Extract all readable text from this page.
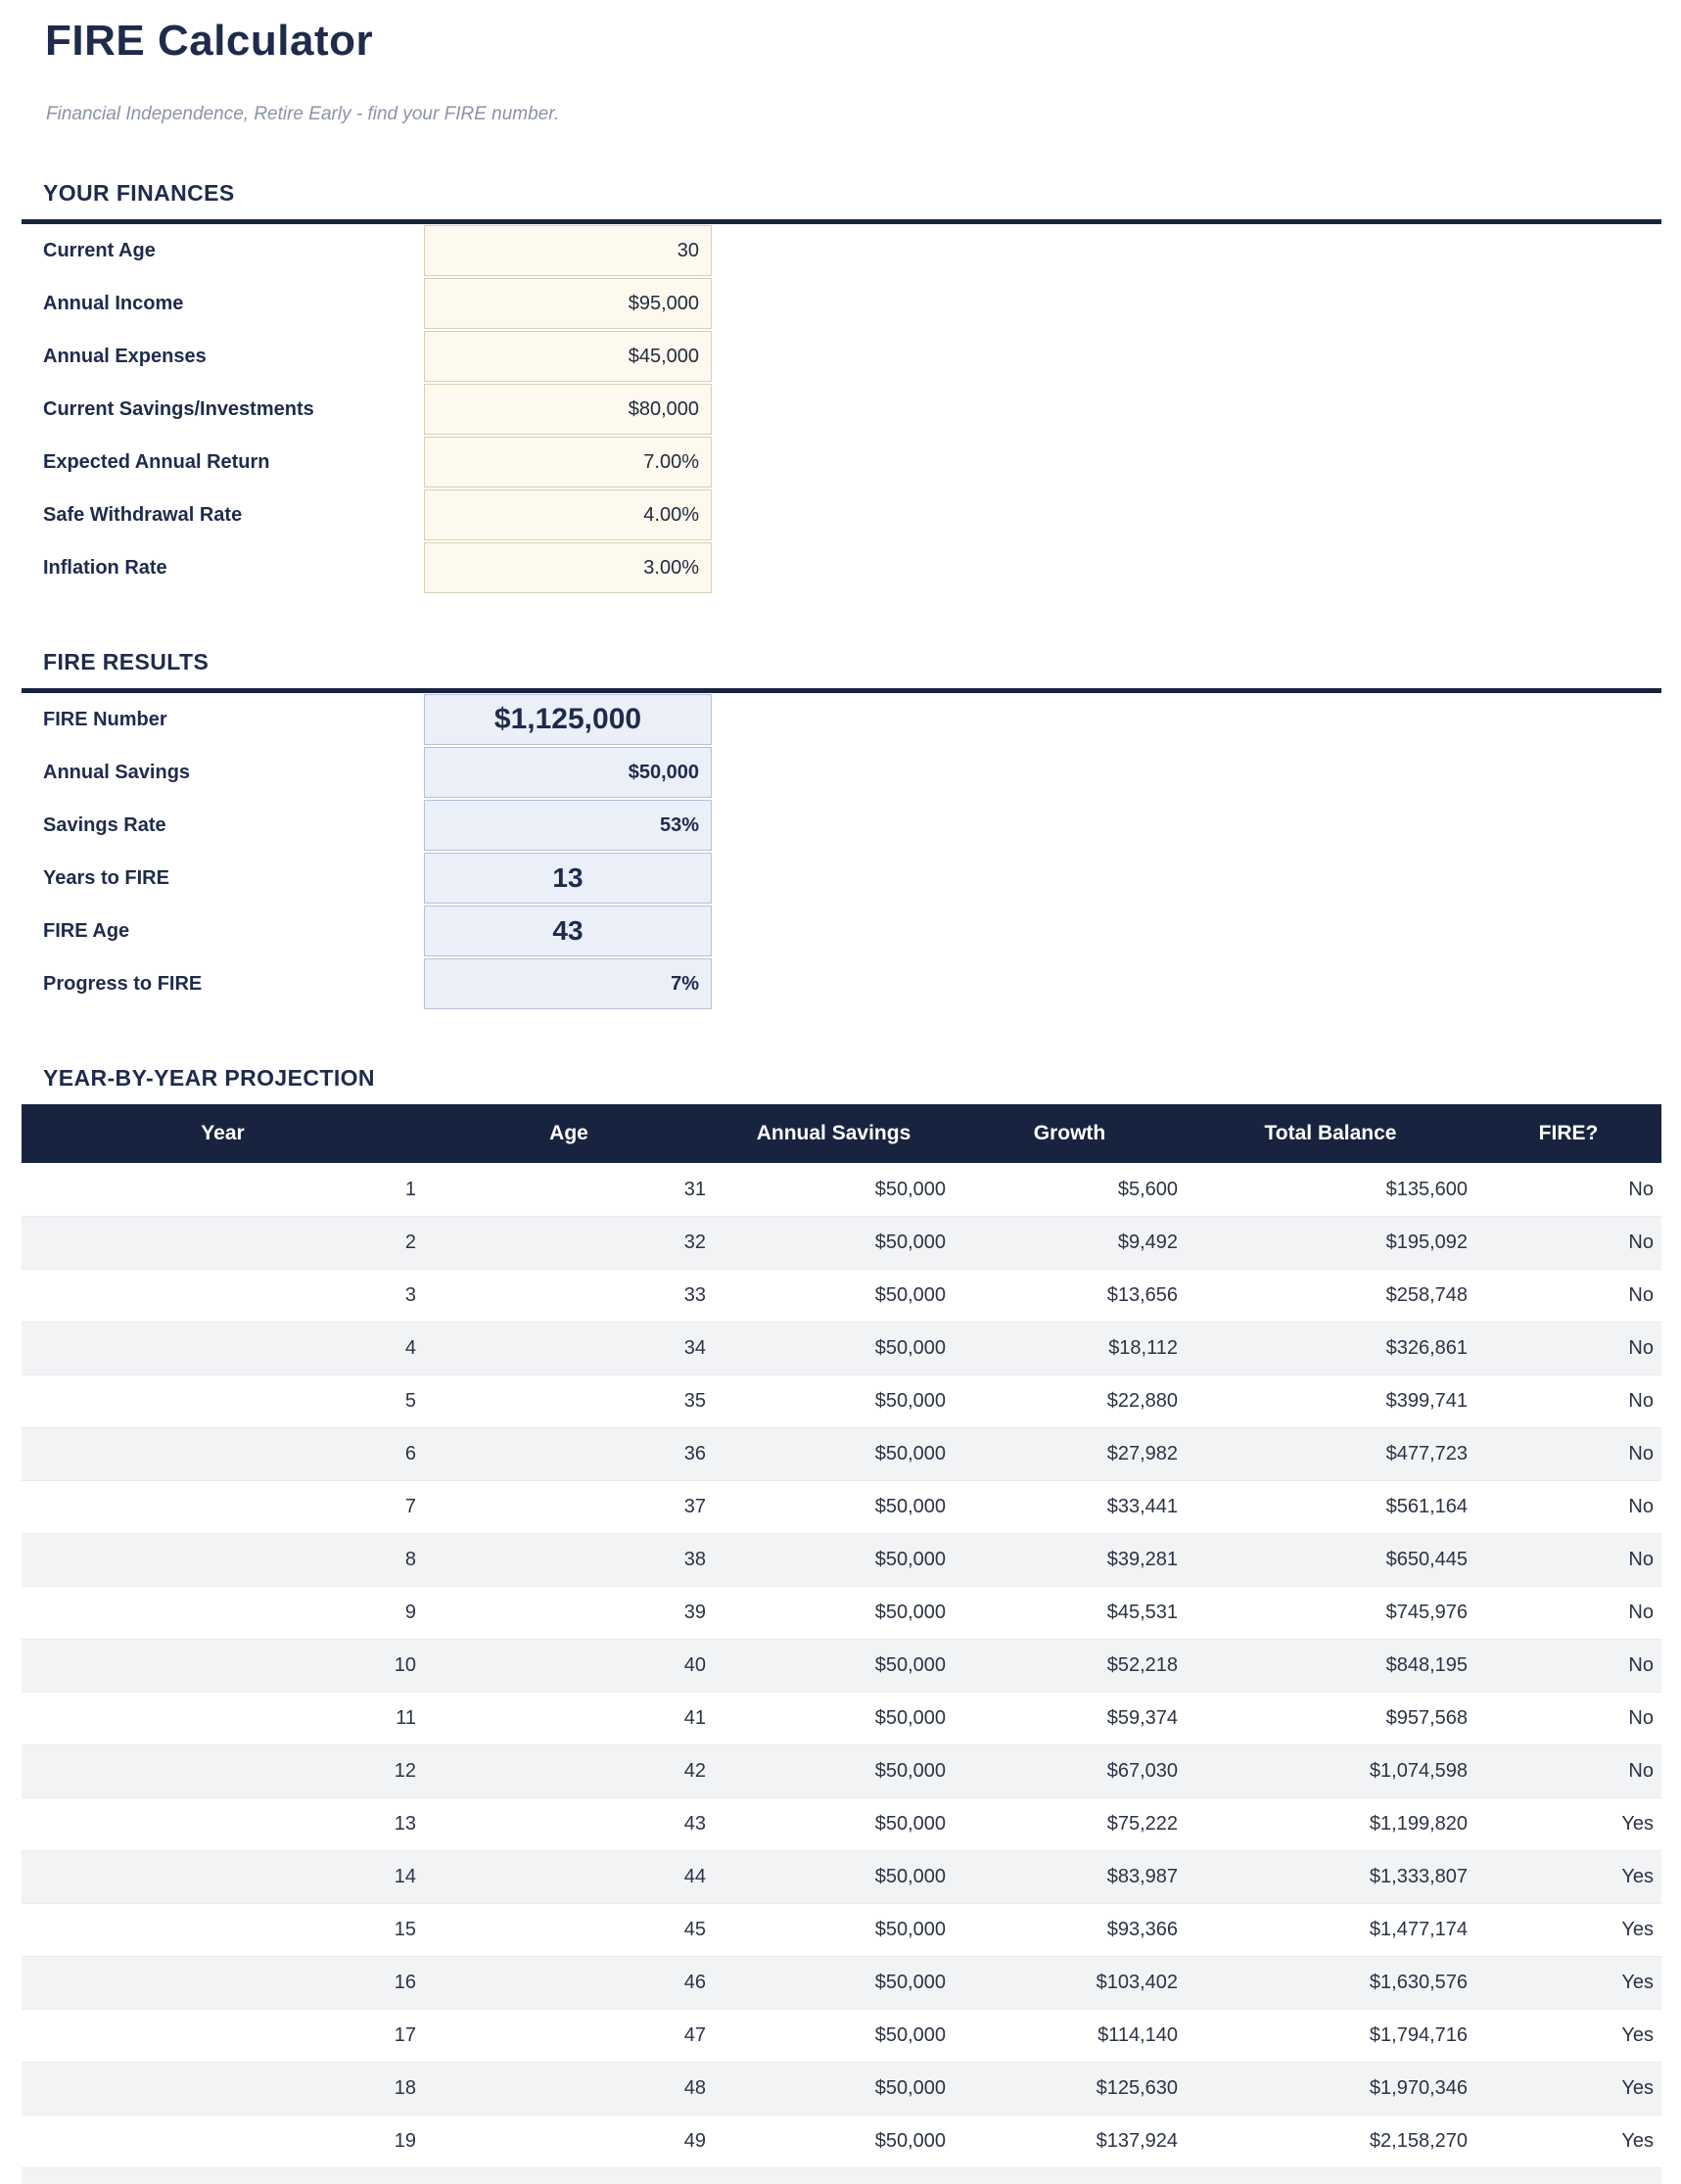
FIRE Calculator
Financial Independence, Retire Early - find your FIRE number.
YOUR FINANCES
Current Age	30
Annual Income	$95,000
Annual Expenses	$45,000
Current Savings/Investments	$80,000
Expected Annual Return	7.00%
Safe Withdrawal Rate	4.00%
Inflation Rate	3.00%
FIRE RESULTS
FIRE Number	$1,125,000
Annual Savings	$50,000
Savings Rate	53%
Years to FIRE	13
FIRE Age	43
Progress to FIRE	7%
YEAR-BY-YEAR PROJECTION
Year	Age	Annual Savings	Growth	Total Balance	FIRE?
1	31	$50,000	$5,600	$135,600	No
2	32	$50,000	$9,492	$195,092	No
3	33	$50,000	$13,656	$258,748	No
4	34	$50,000	$18,112	$326,861	No
5	35	$50,000	$22,880	$399,741	No
6	36	$50,000	$27,982	$477,723	No
7	37	$50,000	$33,441	$561,164	No
8	38	$50,000	$39,281	$650,445	No
9	39	$50,000	$45,531	$745,976	No
10	40	$50,000	$52,218	$848,195	No
11	41	$50,000	$59,374	$957,568	No
12	42	$50,000	$67,030	$1,074,598	No
13	43	$50,000	$75,222	$1,199,820	Yes
14	44	$50,000	$83,987	$1,333,807	Yes
15	45	$50,000	$93,366	$1,477,174	Yes
16	46	$50,000	$103,402	$1,630,576	Yes
17	47	$50,000	$114,140	$1,794,716	Yes
18	48	$50,000	$125,630	$1,970,346	Yes
19	49	$50,000	$137,924	$2,158,270	Yes
